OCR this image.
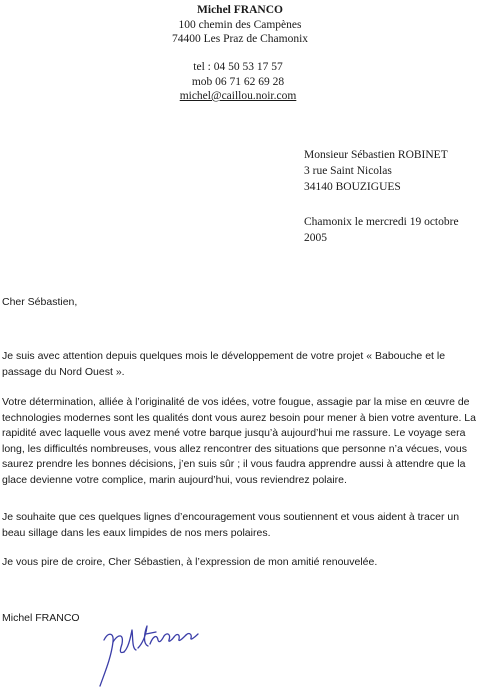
Michel FRANCO
100 chemin des Campènes
74400 Les Praz de Chamonix
tel : 04 50 53 17 57
mob 06 71 62 69 28
michel@caillou.noir.com
Monsieur Sébastien ROBINET
3 rue Saint Nicolas
34140 BOUZIGUES
Chamonix le mercredi 19 octobre 2005
Cher Sébastien,
Je suis avec attention depuis quelques mois le développement de votre projet « Babouche et le passage du Nord Ouest ».
Votre détermination, alliée à l’originalité de vos idées, votre fougue, assagie par la mise en œuvre de technologies modernes sont les qualités dont vous aurez besoin pour mener à bien votre aventure. La rapidité avec laquelle vous avez mené votre barque jusqu’à aujourd’hui me rassure. Le voyage sera long, les difficultés nombreuses, vous allez rencontrer des situations que personne n’a vécues, vous saurez prendre les bonnes décisions, j’en suis sûr ; il vous faudra apprendre aussi à attendre que la glace devienne votre complice, marin aujourd’hui, vous reviendrez polaire.
Je souhaite que ces quelques lignes d’encouragement vous soutiennent et vous aident à tracer un beau sillage dans les eaux limpides de nos mers polaires.
Je vous pire de croire, Cher Sébastien, à l’expression de mon amitié renouvelée.
Michel FRANCO
